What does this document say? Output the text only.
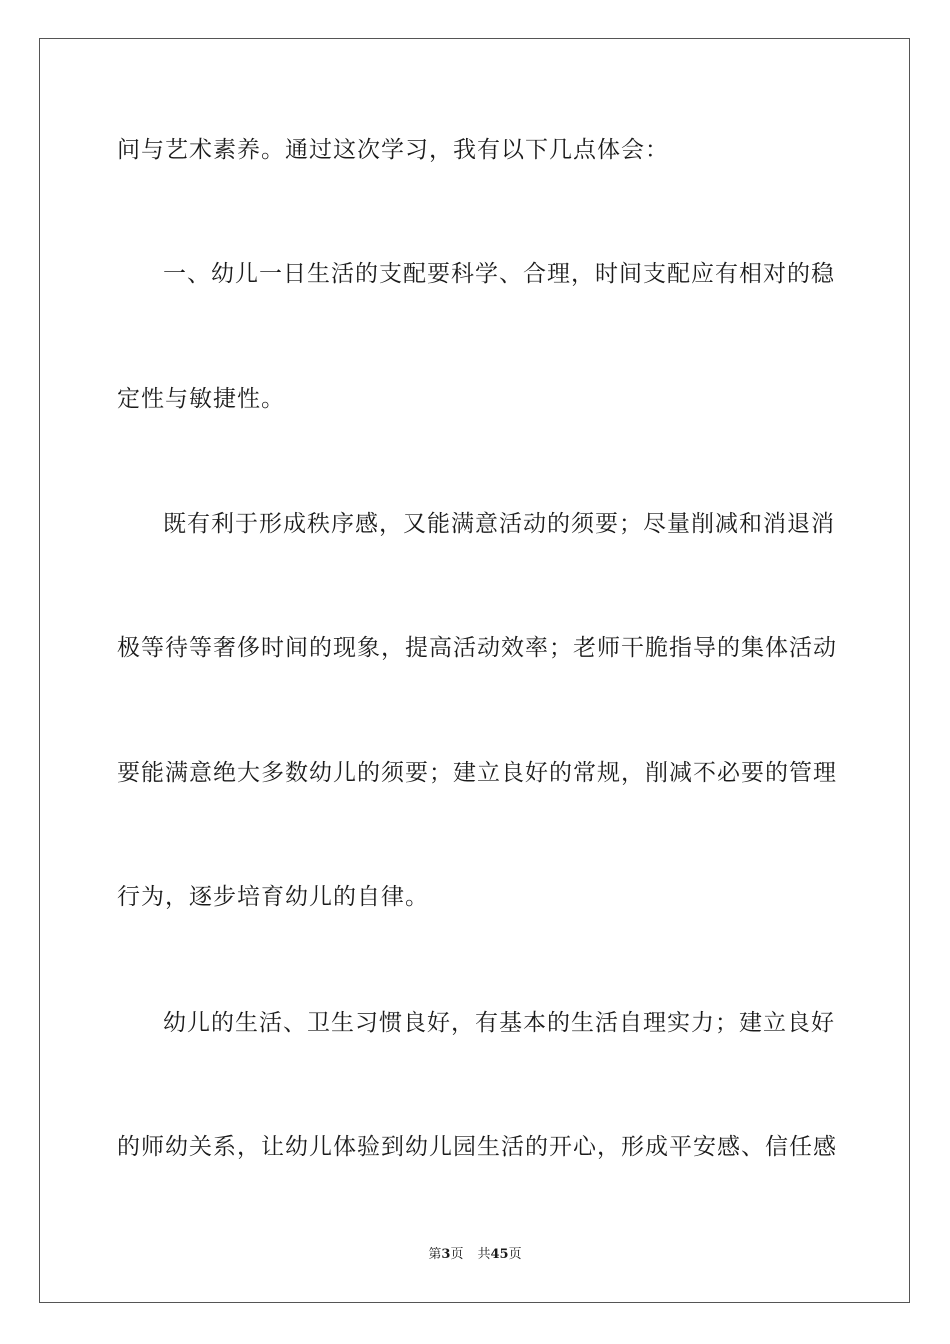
问与艺术素养。通过这次学习，我有以下几点体会：
一、幼儿一日生活的支配要科学、合理，时间支配应有相对的稳
定性与敏捷性。
既有利于形成秩序感，又能满意活动的须要；尽量削减和消退消
极等待等奢侈时间的现象，提高活动效率；老师干脆指导的集体活动
要能满意绝大多数幼儿的须要；建立良好的常规，削减不必要的管理
行为，逐步培育幼儿的自律。
幼儿的生活、卫生习惯良好，有基本的生活自理实力；建立良好
的师幼关系，让幼儿体验到幼儿园生活的开心，形成平安感、信任感
第3页 共45页
